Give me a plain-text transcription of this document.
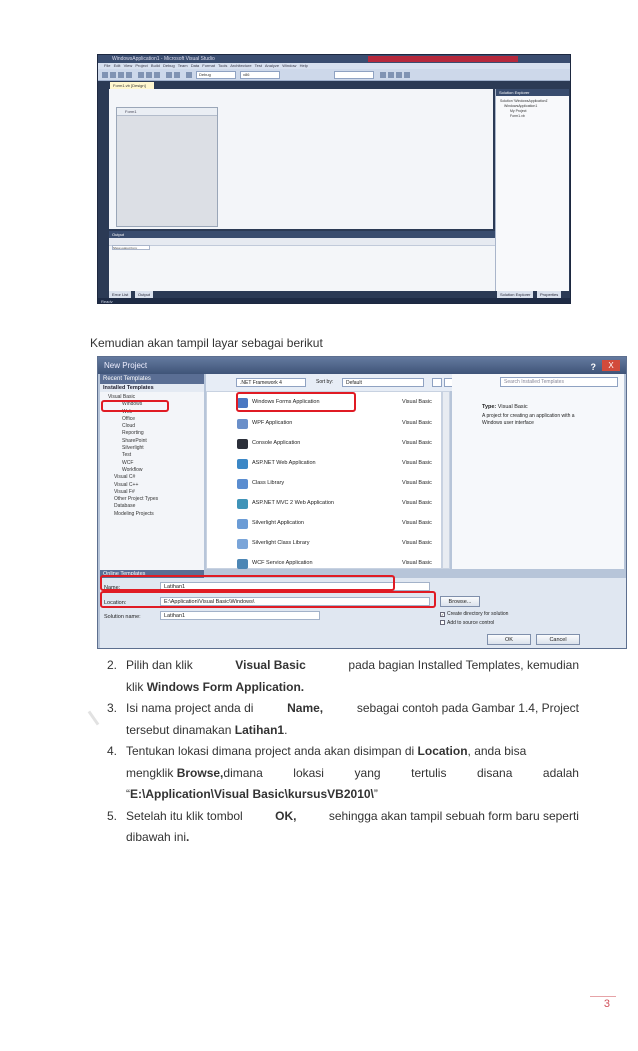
WindowsApplication1 - Microsoft Visual Studio
File Edit View Project Build Debug Team Data Format Tools Architecture Test Analyze Window Help
Debug	x86
Form1.vb [Design]
Form1
Output
Show output from:
Solution Explorer
Solution 'WindowsApplication1'
WindowsApplication1
My Project
Form1.vb
Error List	Output	Solution Explorer	Properties
Ready
Kemudian akan tampil layar sebagai berikut
New Project	?	X
Recent Templates
Installed Templates
Visual Basic
Windows
Web
Office
Cloud
Reporting
SharePoint
Silverlight
Test
WCF
Workflow
Visual C#
Visual C++
Visual F#
Other Project Types
Database
Modeling Projects
Online Templates
.NET Framework 4	Sort by:	Default
Windows Forms Application	Visual Basic
WPF Application	Visual Basic
Console Application	Visual Basic
ASP.NET Web Application	Visual Basic
Class Library	Visual Basic
ASP.NET MVC 2 Web Application	Visual Basic
Silverlight Application	Visual Basic
Silverlight Class Library	Visual Basic
WCF Service Application	Visual Basic
Search Installed Templates
Type: Visual Basic
A project for creating an application with a Windows user interface
Name:	Latihan1
Location:	E:\Application\Visual Basic\Windows\
Solution name:	Latihan1
Browse...
✓ Create directory for solution
Add to source control
OK	Cancel
2. Pilih dan klik	Visual Basic	pada bagian Installed Templates, kemudian
klik Windows Form Application.
3. Isi nama project anda di	Name,	sebagai contoh pada Gambar 1.4, Project
tersebut dinamakan Latihan1.
4. Tentukan lokasi dimana project anda akan disimpan di Location, anda bisa
mengklik Browse,dimana	lokasi	yang	tertulis	disana	adalah
“E:\Application\Visual Basic\kursusVB2010\”
5. Setelah itu klik tombol	OK,	sehingga akan tampil sebuah form baru seperti
dibawah ini.
3
